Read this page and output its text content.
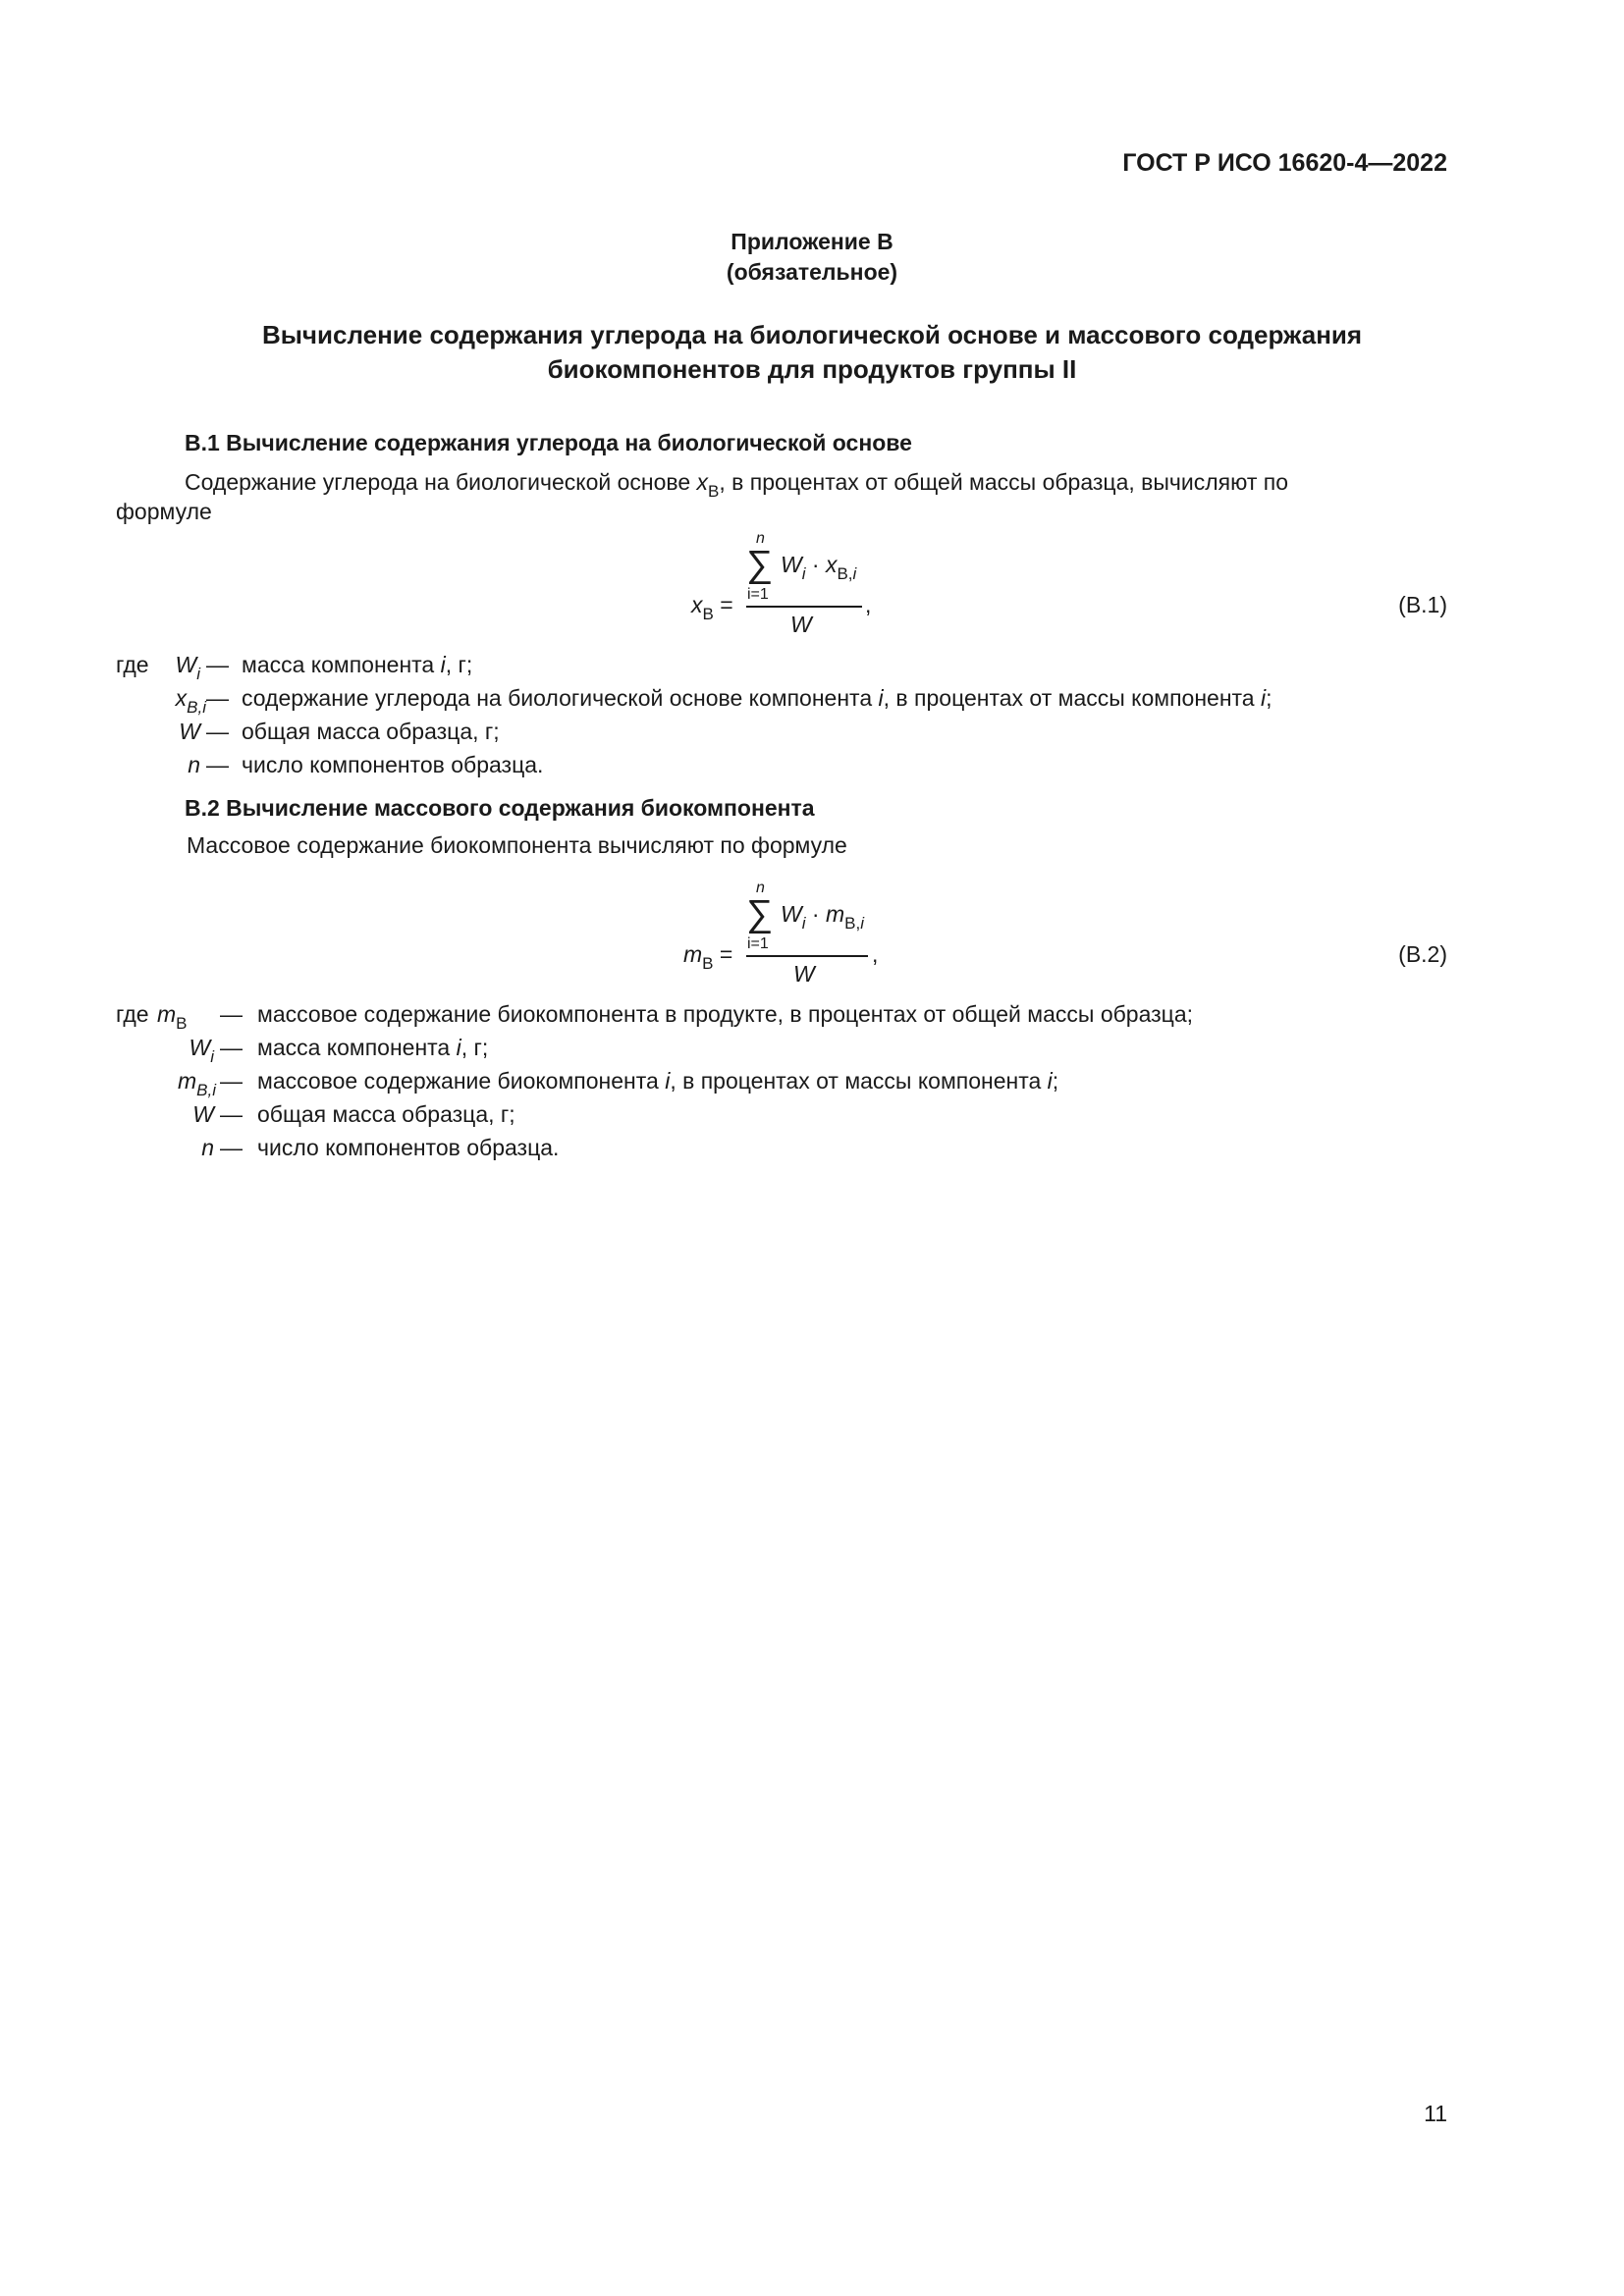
ГОСТ Р ИСО 16620-4—2022
Приложение В
(обязательное)
Вычисление содержания углерода на биологической основе и массового содержания
биокомпонентов для продуктов группы II
В.1 Вычисление содержания углерода на биологической основе
Содержание углерода на биологической основе $x_B$, в процентах от общей массы образца, вычисляют по
формуле
n
∑
i=1
$W_i \cdot x_{B,i}$
W
$x_B$ =	,	(В.1)
где	$W_i$ — масса компонента i, г;
$x_{B,i}$ — содержание углерода на биологической основе компонента i, в процентах от массы компонента i;
W — общая масса образца, г;
n — число компонентов образца.
В.2 Вычисление массового содержания биокомпонента
Массовое содержание биокомпонента вычисляют по формуле
n
∑
i=1
$W_i \cdot m_{B,i}$
W
$m_B$ =	,	(В.2)
где $m_B$	— массовое содержание биокомпонента в продукте, в процентах от общей массы образца;
$W_i$ — масса компонента i, г;
$m_{B,i}$ — массовое содержание биокомпонента i, в процентах от массы компонента i;
W — общая масса образца, г;
n — число компонентов образца.
11
